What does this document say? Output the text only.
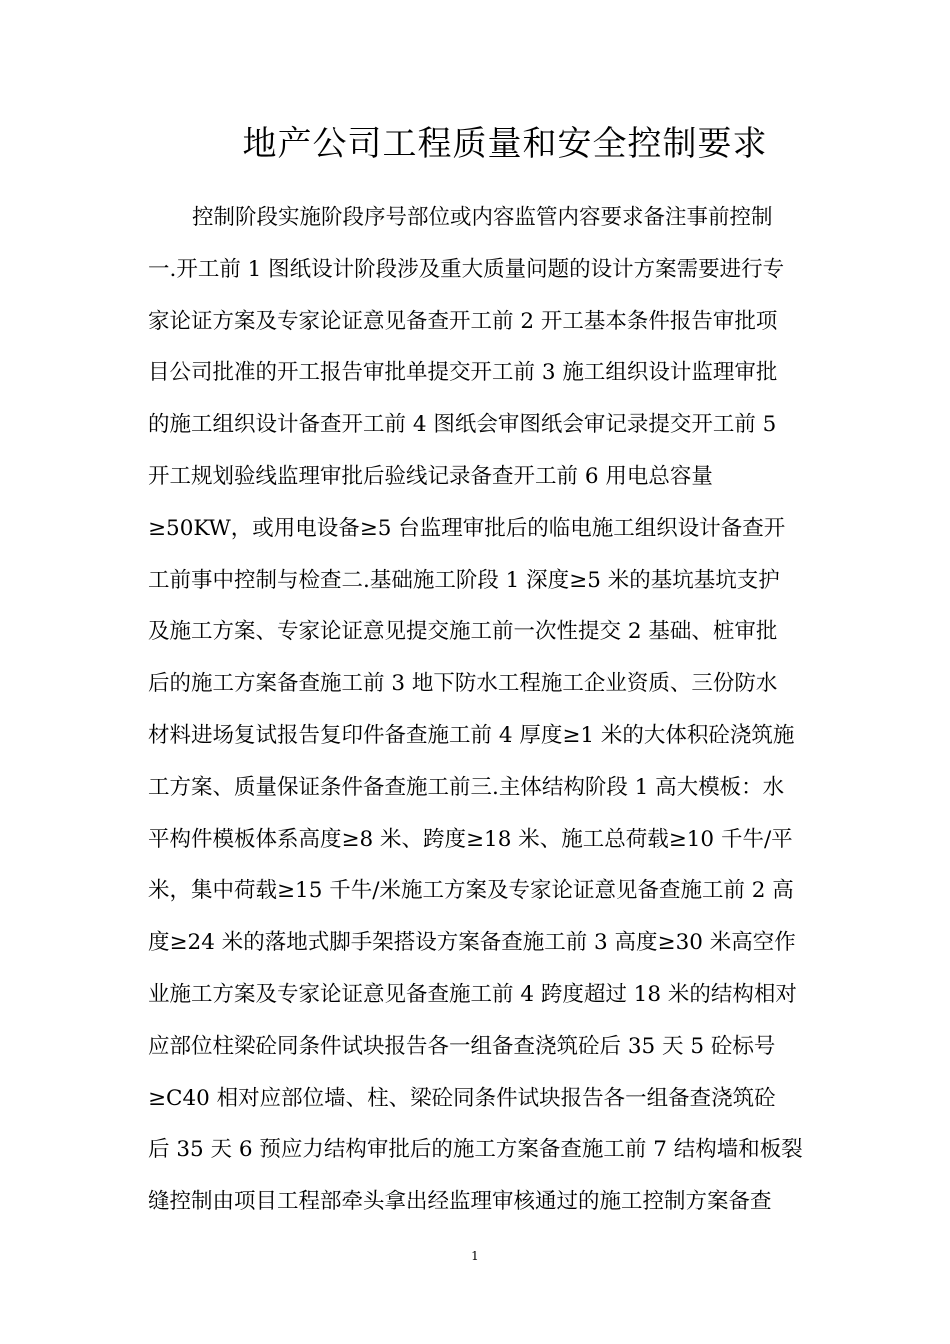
地产公司工程质量和安全控制要求
控制阶段实施阶段序号部位或内容监管内容要求备注事前控制
一.开工前 1 图纸设计阶段涉及重大质量问题的设计方案需要进行专
家论证方案及专家论证意见备查开工前 2 开工基本条件报告审批项
目公司批准的开工报告审批单提交开工前 3 施工组织设计监理审批
的施工组织设计备查开工前 4 图纸会审图纸会审记录提交开工前 5
开工规划验线监理审批后验线记录备查开工前 6 用电总容量
≥50KW，或用电设备≥5 台监理审批后的临电施工组织设计备查开
工前事中控制与检查二.基础施工阶段 1 深度≥5 米的基坑基坑支护
及施工方案、专家论证意见提交施工前一次性提交 2 基础、桩审批
后的施工方案备查施工前 3 地下防水工程施工企业资质、三份防水
材料进场复试报告复印件备查施工前 4 厚度≥1 米的大体积砼浇筑施
工方案、质量保证条件备查施工前三.主体结构阶段 1 高大模板：水
平构件模板体系高度≥8 米、跨度≥18 米、施工总荷载≥10 千牛/平
米，集中荷载≥15 千牛/米施工方案及专家论证意见备查施工前 2 高
度≥24 米的落地式脚手架搭设方案备查施工前 3 高度≥30 米高空作
业施工方案及专家论证意见备查施工前 4 跨度超过 18 米的结构相对
应部位柱梁砼同条件试块报告各一组备查浇筑砼后 35 天 5 砼标号
≥C40 相对应部位墙、柱、梁砼同条件试块报告各一组备查浇筑砼
后 35 天 6 预应力结构审批后的施工方案备查施工前 7 结构墙和板裂
缝控制由项目工程部牵头拿出经监理审核通过的施工控制方案备查
1
